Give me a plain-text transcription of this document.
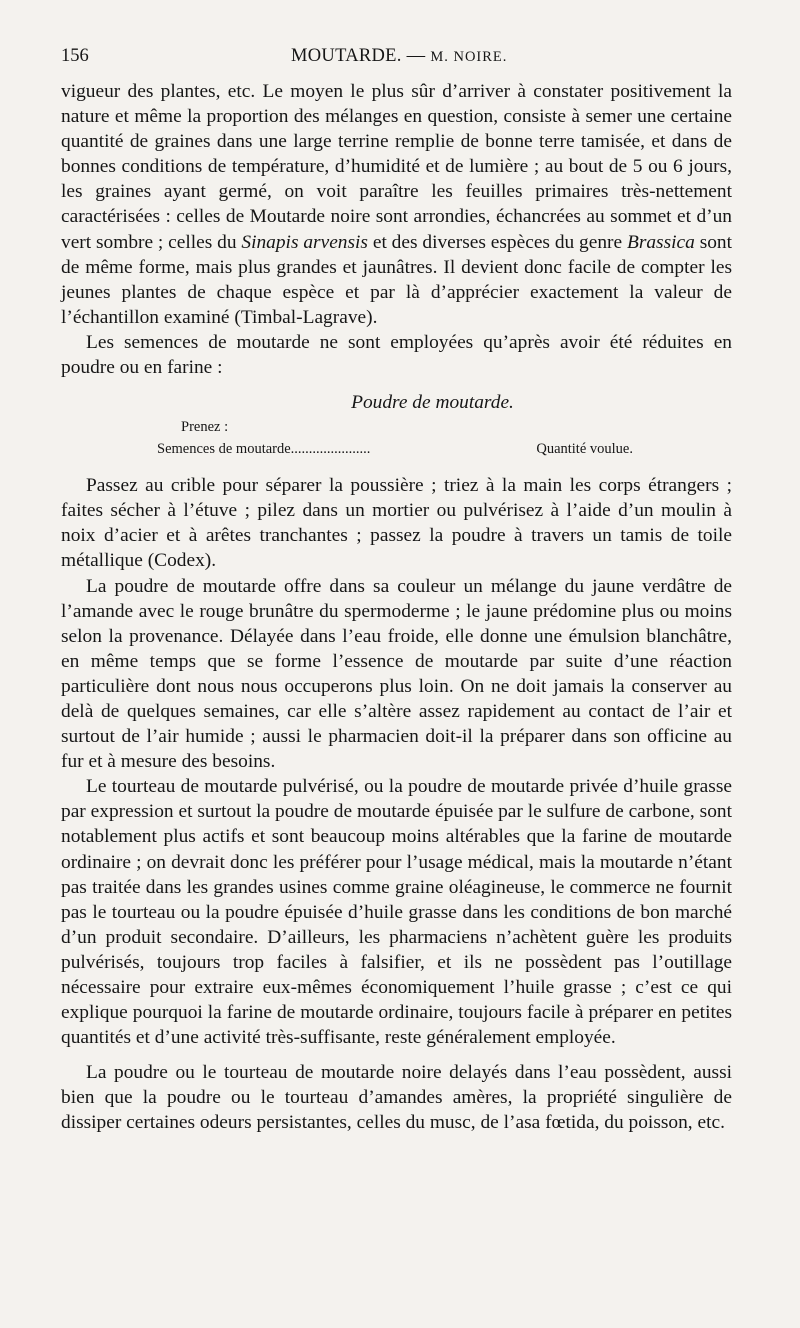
156	MOUTARDE. — M. NOIRE.

vigueur des plantes, etc. Le moyen le plus sûr d’arriver à constater positivement la nature et même la proportion des mélanges en question, consiste à semer une certaine quantité de graines dans une large terrine remplie de bonne terre tamisée, et dans de bonnes conditions de température, d’humidité et de lumière ; au bout de 5 ou 6 jours, les graines ayant germé, on voit paraître les feuilles primaires très-nettement caractérisées : celles de Moutarde noire sont arrondies, échancrées au sommet et d’un vert sombre ; celles du Sinapis arvensis et des diverses espèces du genre Brassica sont de même forme, mais plus grandes et jaunâtres. Il devient donc facile de compter les jeunes plantes de chaque espèce et par là d’apprécier exactement la valeur de l’échantillon examiné (Timbal-Lagrave).

Les semences de moutarde ne sont employées qu’après avoir été réduites en poudre ou en farine :

Poudre de moutarde.
Prenez :
Semences de moutarde......................	Quantité voulue.

Passez au crible pour séparer la poussière ; triez à la main les corps étrangers ; faites sécher à l’étuve ; pilez dans un mortier ou pulvérisez à l’aide d’un moulin à noix d’acier et à arêtes tranchantes ; passez la poudre à travers un tamis de toile métallique (Codex).

La poudre de moutarde offre dans sa couleur un mélange du jaune verdâtre de l’amande avec le rouge brunâtre du spermoderme ; le jaune prédomine plus ou moins selon la provenance. Délayée dans l’eau froide, elle donne une émulsion blanchâtre, en même temps que se forme l’essence de moutarde par suite d’une réaction particulière dont nous nous occuperons plus loin. On ne doit jamais la conserver au delà de quelques semaines, car elle s’altère assez rapidement au contact de l’air et surtout de l’air humide ; aussi le pharmacien doit-il la préparer dans son officine au fur et à mesure des besoins.

Le tourteau de moutarde pulvérisé, ou la poudre de moutarde privée d’huile grasse par expression et surtout la poudre de moutarde épuisée par le sulfure de carbone, sont notablement plus actifs et sont beaucoup moins altérables que la farine de moutarde ordinaire ; on devrait donc les préférer pour l’usage médical, mais la moutarde n’étant pas traitée dans les grandes usines comme graine oléagineuse, le commerce ne fournit pas le tourteau ou la poudre épuisée d’huile grasse dans les conditions de bon marché d’un produit secondaire. D’ailleurs, les pharmaciens n’achètent guère les produits pulvérisés, toujours trop faciles à falsifier, et ils ne possèdent pas l’outillage nécessaire pour extraire eux-mêmes économiquement l’huile grasse ; c’est ce qui explique pourquoi la farine de moutarde ordinaire, toujours facile à préparer en petites quantités et d’une activité très-suffisante, reste généralement employée.

La poudre ou le tourteau de moutarde noire delayés dans l’eau possèdent, aussi bien que la poudre ou le tourteau d’amandes amères, la propriété singulière de dissiper certaines odeurs persistantes, celles du musc, de l’asa fœtida, du poisson, etc.
